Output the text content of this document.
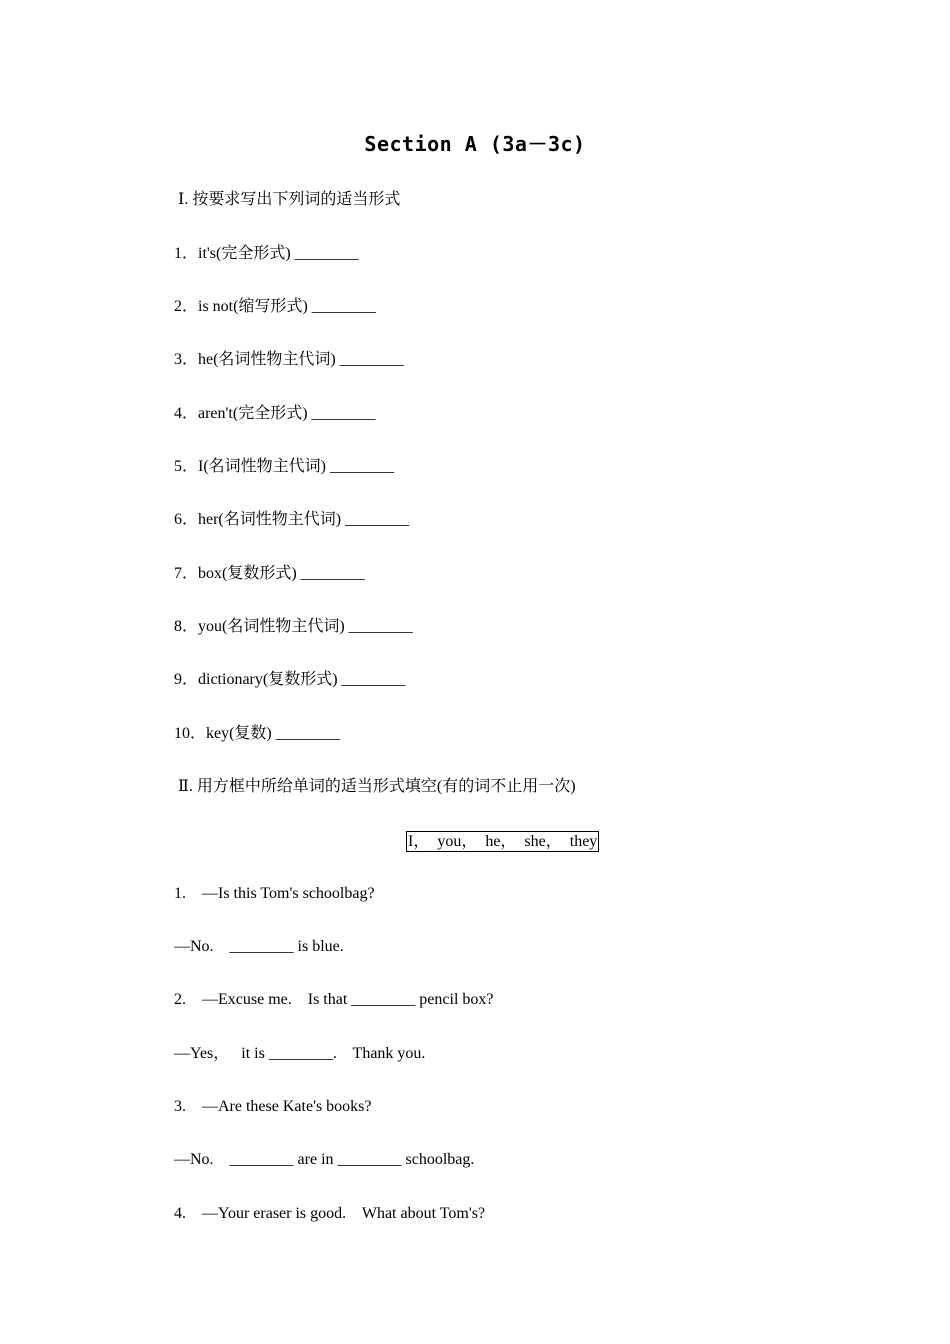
Section A (3a－3c)
Ⅰ. 按要求写出下列词的适当形式
1．it's(完全形式) ________
2．is not(缩写形式) ________
3．he(名词性物主代词) ________
4．aren't(完全形式) ________
5．I(名词性物主代词) ________
6．her(名词性物主代词) ________
7．box(复数形式) ________
8．you(名词性物主代词) ________
9．dictionary(复数形式) ________
10．key(复数) ________
Ⅱ. 用方框中所给单词的适当形式填空(有的词不止用一次)
I，  you，  he，  she，  they
1.    —Is this Tom's schoolbag?
—No.    ________ is blue.
2.    —Excuse me.    Is that ________ pencil box?
—Yes，   it is ________.    Thank you.
3.    —Are these Kate's books?
—No.    ________ are in ________ schoolbag.
4.    —Your eraser is good.    What about Tom's?
